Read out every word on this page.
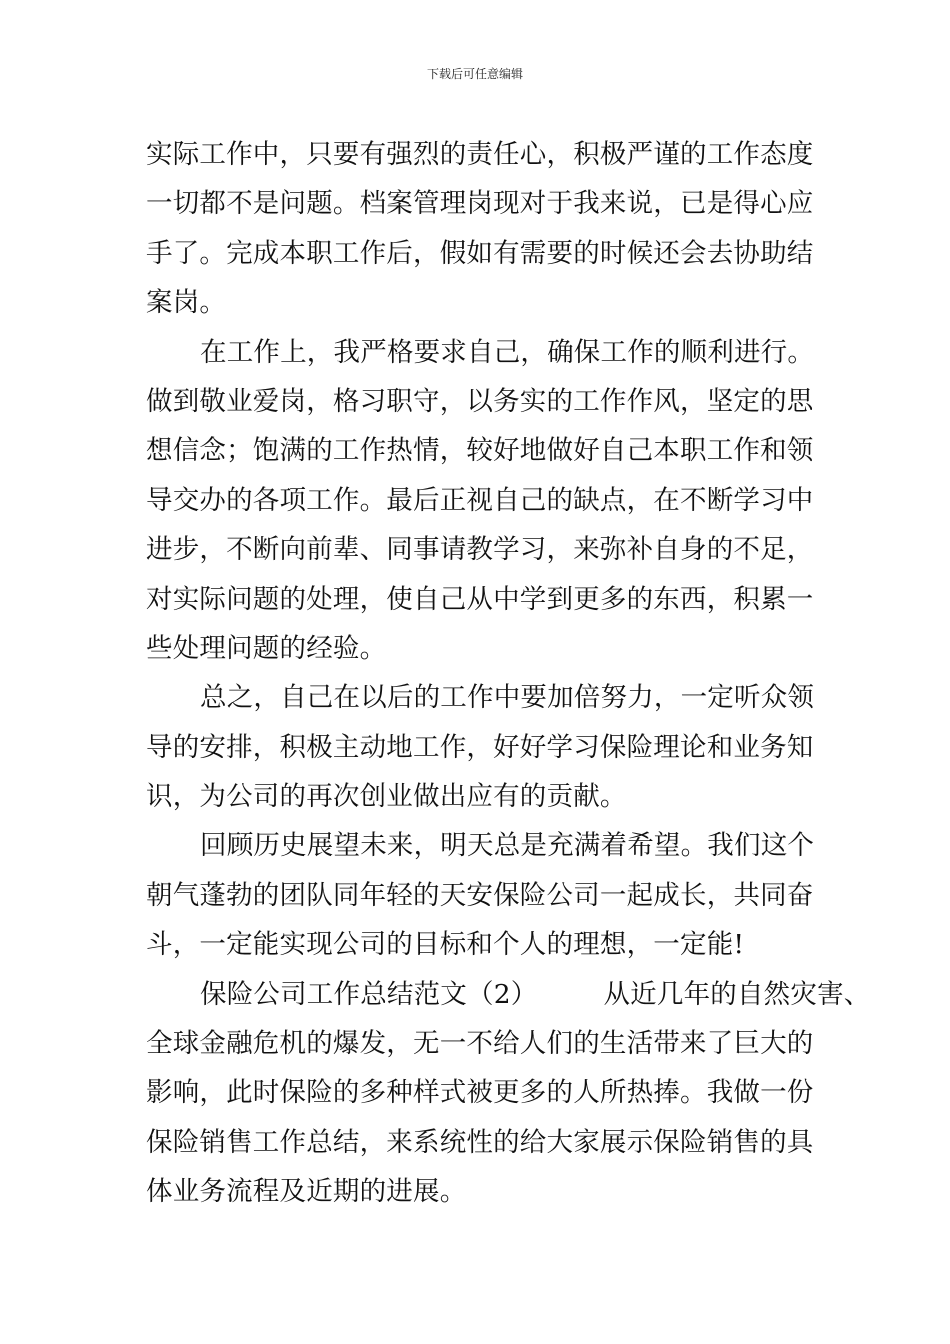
下载后可任意编辑
实际工作中，只要有强烈的责任心，积极严谨的工作态度
一切都不是问题。档案管理岗现对于我来说，已是得心应
手了。完成本职工作后，假如有需要的时候还会去协助结
案岗。
在工作上，我严格要求自己，确保工作的顺利进行。
做到敬业爱岗，格习职守，以务实的工作作风，坚定的思
想信念；饱满的工作热情，较好地做好自己本职工作和领
导交办的各项工作。最后正视自己的缺点，在不断学习中
进步，不断向前辈、同事请教学习，来弥补自身的不足，
对实际问题的处理，使自己从中学到更多的东西，积累一
些处理问题的经验。
总之，自己在以后的工作中要加倍努力，一定听众领
导的安排，积极主动地工作，好好学习保险理论和业务知
识，为公司的再次创业做出应有的贡献。
回顾历史展望未来，明天总是充满着希望。我们这个
朝气蓬勃的团队同年轻的天安保险公司一起成长，共同奋
斗，一定能实现公司的目标和个人的理想，一定能!
保险公司工作总结范文（2） 从近几年的自然灾害、
全球金融危机的爆发，无一不给人们的生活带来了巨大的
影响，此时保险的多种样式被更多的人所热捧。我做一份
保险销售工作总结，来系统性的给大家展示保险销售的具
体业务流程及近期的进展。
